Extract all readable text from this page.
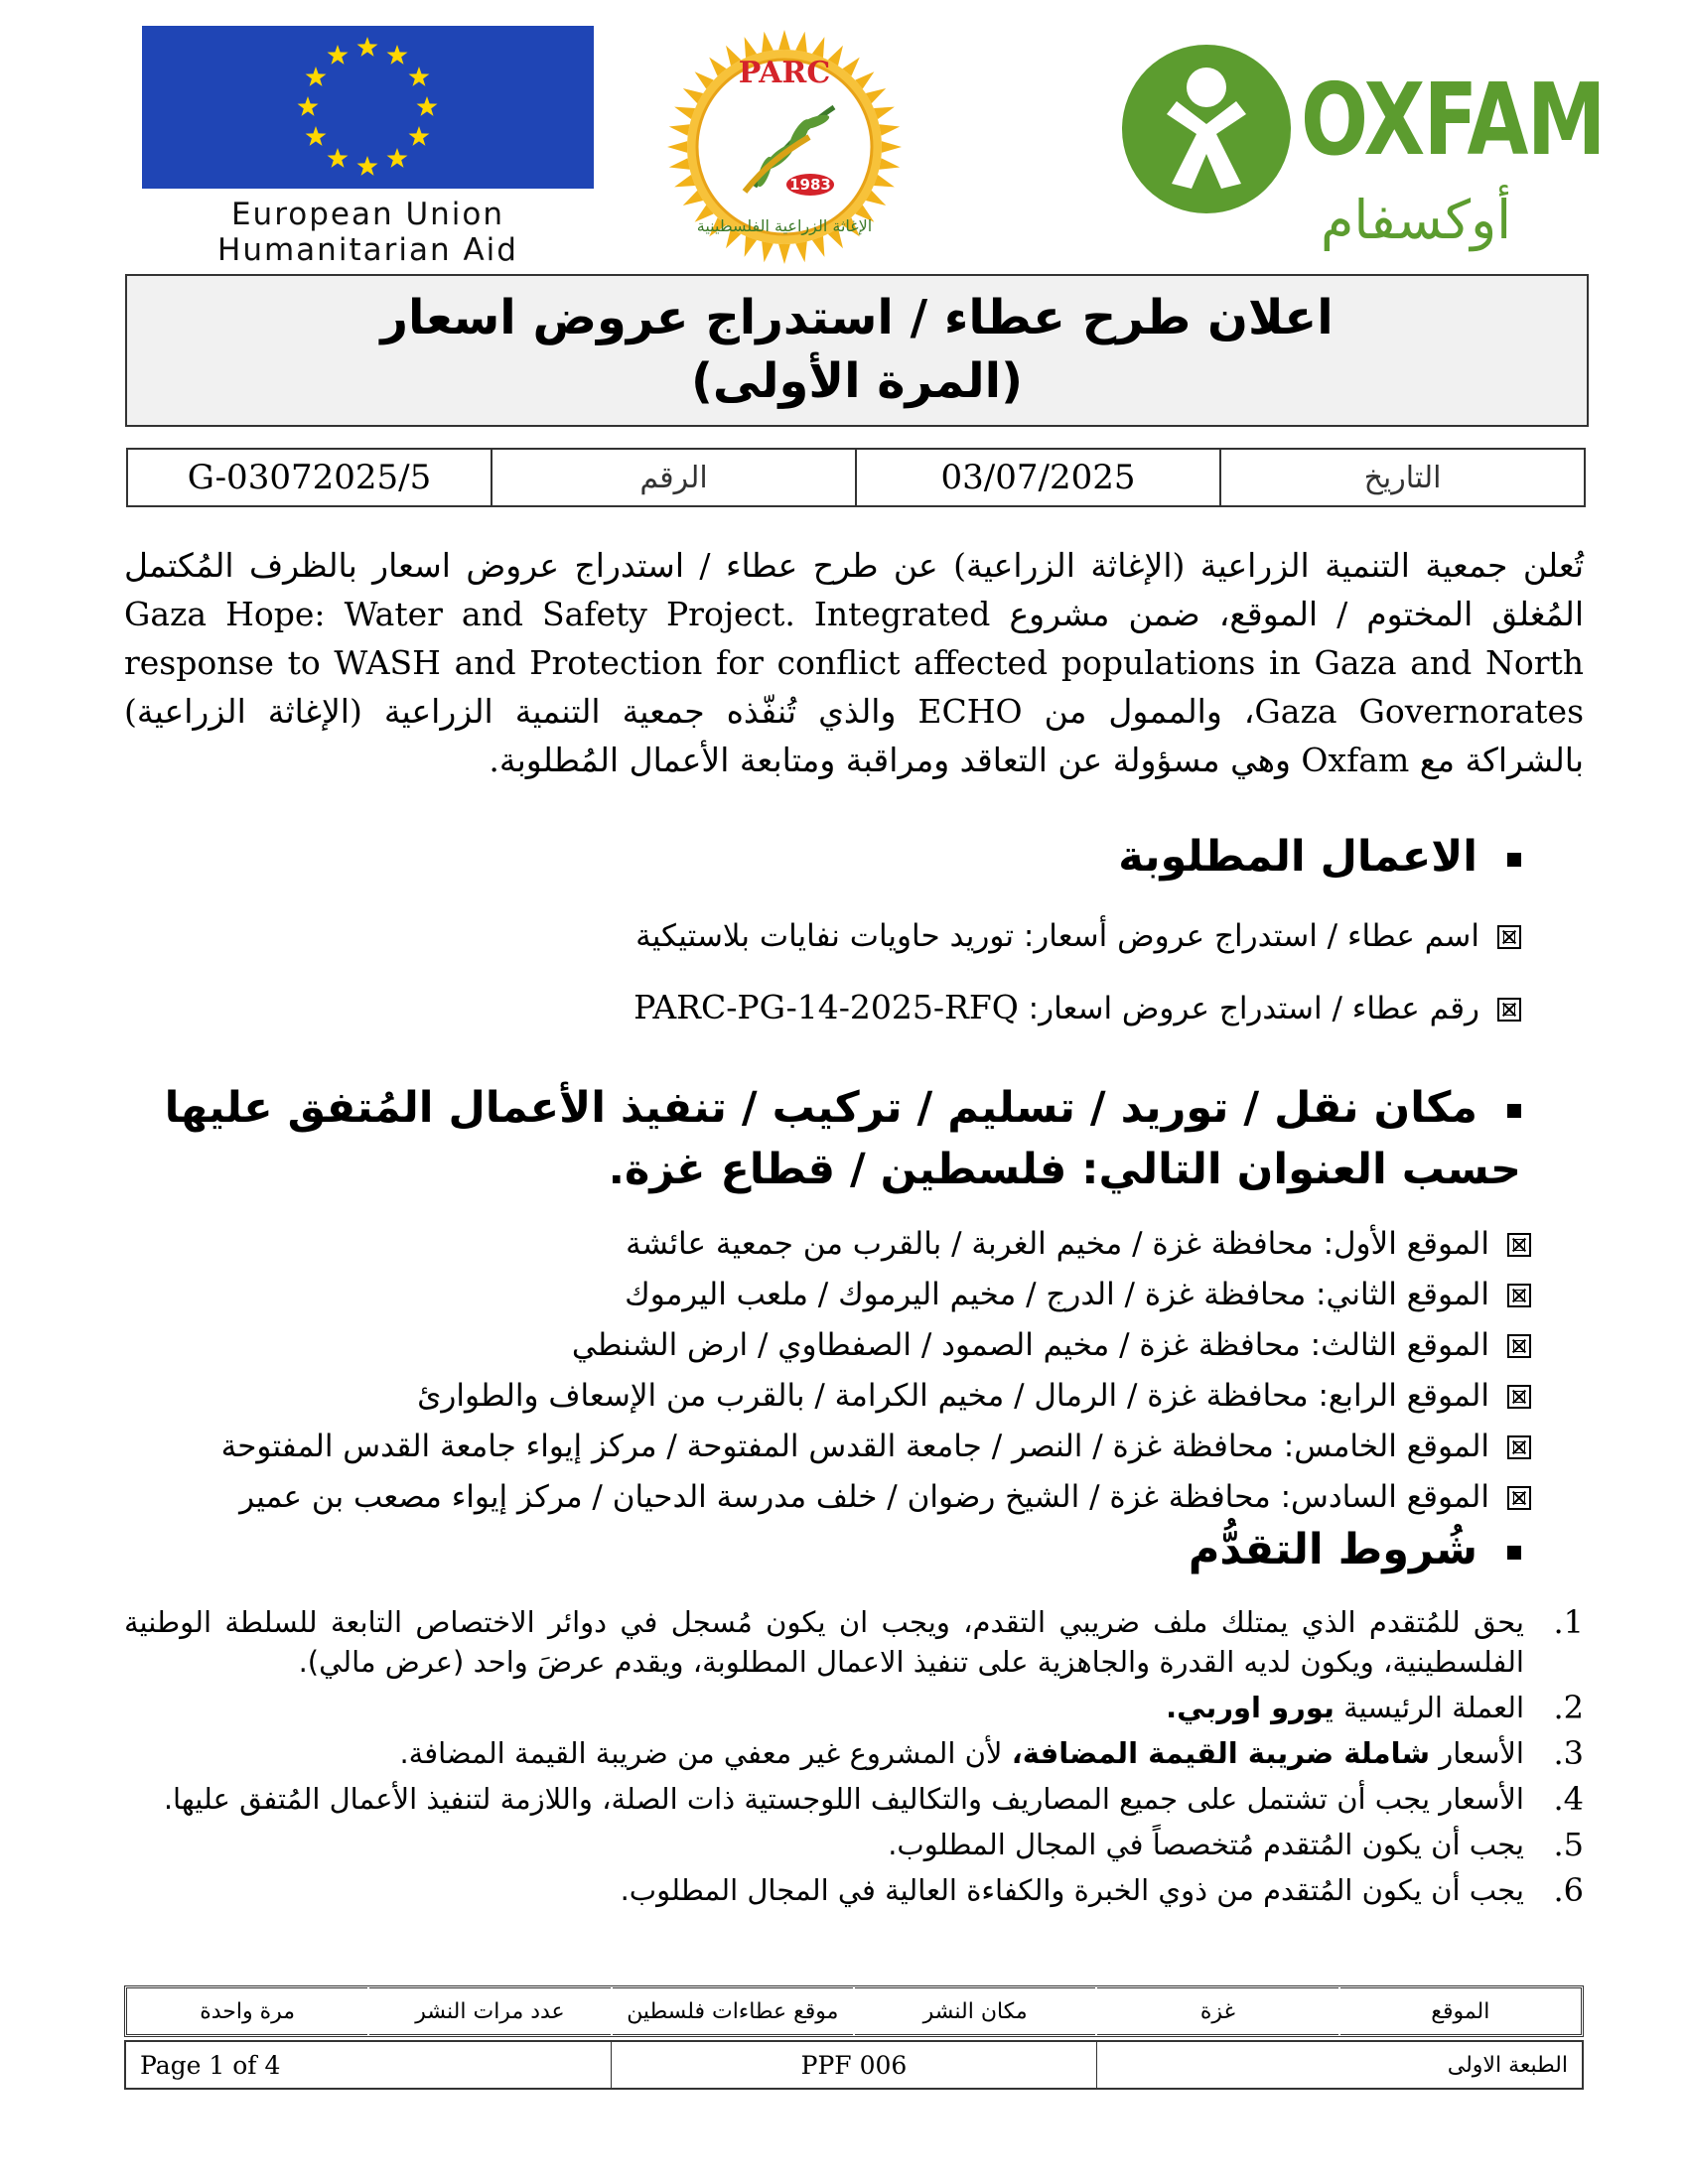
European Union
Humanitarian Aid
PARC
1983
الإغاثة الزراعية الفلسطينية
OXFAM
أوكسفام
اعلان طرح عطاء / استدراج عروض اسعار
(المرة الأولى)
G-03072025/5	الرقم	03/07/2025	التاريخ
تُعلن جمعية التنمية الزراعية (الإغاثة الزراعية) عن طرح عطاء / استدراج عروض اسعار بالظرف المُكتمل المُغلق المختوم / الموقع، ضمن مشروع Gaza Hope: Water and Safety Project. Integrated response to WASH and Protection for conflict affected populations in Gaza and North Gaza Governorates، والممول من ECHO والذي تُنفّذه جمعية التنمية الزراعية (الإغاثة الزراعية) بالشراكة مع Oxfam وهي مسؤولة عن التعاقد ومراقبة ومتابعة الأعمال المُطلوبة.
الاعمال المطلوبة
اسم عطاء / استدراج عروض أسعار: توريد حاويات نفايات بلاستيكية
رقم عطاء / استدراج عروض اسعار: PARC-PG-14-2025-RFQ
مكان نقل / توريد / تسليم / تركيب / تنفيذ الأعمال المُتفق عليها حسب العنوان التالي: فلسطين / قطاع غزة.
الموقع الأول: محافظة غزة / مخيم الغربة / بالقرب من جمعية عائشة
الموقع الثاني: محافظة غزة / الدرج / مخيم اليرموك / ملعب اليرموك
الموقع الثالث: محافظة غزة / مخيم الصمود / الصفطاوي / ارض الشنطي
الموقع الرابع: محافظة غزة / الرمال / مخيم الكرامة / بالقرب من الإسعاف والطوارئ
الموقع الخامس: محافظة غزة / النصر / جامعة القدس المفتوحة / مركز إيواء جامعة القدس المفتوحة
الموقع السادس: محافظة غزة / الشيخ رضوان / خلف مدرسة الدحيان / مركز إيواء مصعب بن عمير
شُروط التقدُّم
1.
يحق للمُتقدم الذي يمتلك ملف ضريبي التقدم، ويجب ان يكون مُسجل في دوائر الاختصاص التابعة للسلطة الوطنية الفلسطينية، ويكون لديه القدرة والجاهزية على تنفيذ الاعمال المطلوبة، ويقدم عرضَ واحد (عرض مالي).
2.
العملة الرئيسية يورو اوربي.
3.
الأسعار شاملة ضريبة القيمة المضافة، لأن المشروع غير معفي من ضريبة القيمة المضافة.
4.
الأسعار يجب أن تشتمل على جميع المصاريف والتكاليف اللوجستية ذات الصلة، واللازمة لتنفيذ الأعمال المُتفق عليها.
5.
يجب أن يكون المُتقدم مُتخصصاً في المجال المطلوب.
6.
يجب أن يكون المُتقدم من ذوي الخبرة والكفاءة العالية في المجال المطلوب.
مرة واحدة	عدد مرات النشر	موقع عطاءات فلسطين	مكان النشر	غزة	الموقع
Page 1 of 4	PPF 006	الطبعة الاولى
